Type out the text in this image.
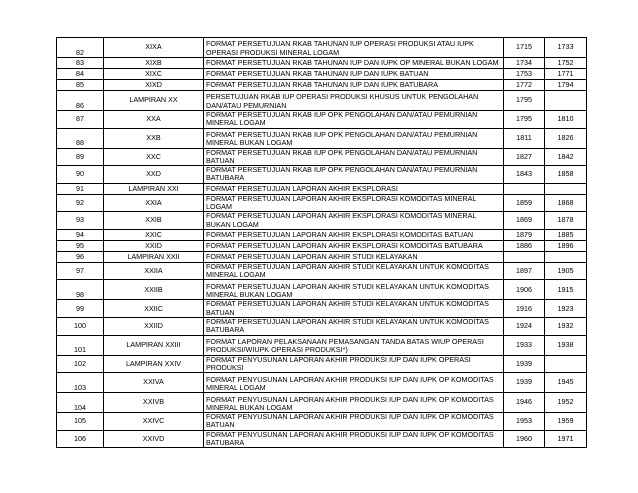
82	XIXA	FORMAT PERSETUJUAN RKAB TAHUNAN IUP OPERASI PRODUKSI ATAU IUPK OPERASI PRODUKSI MINERAL LOGAM	1715	1733
83	XIXB	FORMAT PERSETUJUAN RKAB TAHUNAN IUP DAN IUPK OP MINERAL BUKAN LOGAM	1734	1752
84	XIXC	FORMAT PERSETUJUAN RKAB TAHUNAN IUP DAN IUPK BATUAN	1753	1771
85	XIXD	FORMAT PERSETUJUAN RKAB TAHUNAN IUP DAN IUPK BATUBARA	1772	1794
86	LAMPIRAN XX	PERSETUJUAN RKAB IUP OPERASI PRODUKSI KHUSUS UNTUK PENGOLAHAN DAN/ATAU PEMURNIAN	1795	
87	XXA	FORMAT PERSETUJUAN RKAB IUP OPK PENGOLAHAN DAN/ATAU PEMURNIAN MINERAL LOGAM	1795	1810
88	XXB	FORMAT PERSETUJUAN RKAB IUP OPK PENGOLAHAN DAN/ATAU PEMURNIAN MINERAL BUKAN LOGAM	1811	1826
89	XXC	FORMAT PERSETUJUAN RKAB IUP OPK PENGOLAHAN DAN/ATAU PEMURNIAN BATUAN	1827	1842
90	XXD	FORMAT PERSETUJUAN RKAB IUP OPK PENGOLAHAN DAN/ATAU PEMURNIAN BATUBARA	1843	1858
91	LAMPIRAN XXI	FORMAT PERSETUJUAN LAPORAN AKHIR EKSPLORASI		
92	XXIA	FORMAT PERSETUJUAN LAPORAN AKHIR EKSPLORASI KOMODITAS MINERAL LOGAM	1859	1868
93	XXIB	FORMAT PERSETUJUAN LAPORAN AKHIR EKSPLORASI KOMODITAS MINERAL BUKAN LOGAM	1869	1878
94	XXIC	FORMAT PERSETUJUAN LAPORAN AKHIR EKSPLORASI KOMODITAS BATUAN	1879	1885
95	XXID	FORMAT PERSETUJUAN LAPORAN AKHIR EKSPLORASI KOMODITAS BATUBARA	1886	1896
96	LAMPIRAN XXII	FORMAT PERSETUJUAN LAPORAN AKHIR STUDI KELAYAKAN		
97	XXIIA	FORMAT PERSETUJUAN LAPORAN AKHIR STUDI KELAYAKAN UNTUK KOMODITAS MINERAL LOGAM	1897	1905
98	XXIIB	FORMAT PERSETUJUAN LAPORAN AKHIR STUDI KELAYAKAN UNTUK KOMODITAS MINERAL BUKAN LOGAM	1906	1915
99	XXIIC	FORMAT PERSETUJUAN LAPORAN AKHIR STUDI KELAYAKAN UNTUK KOMODITAS BATUAN	1916	1923
100	XXIID	FORMAT PERSETUJUAN LAPORAN AKHIR STUDI KELAYAKAN UNTUK KOMODITAS BATUBARA	1924	1932
101	LAMPIRAN XXIII	FORMAT LAPORAN PELAKSANAAN PEMASANGAN TANDA BATAS WIUP OPERASI PRODUKSI/WIUPK OPERASI PRODUKSI*)	1933	1938
102	LAMPIRAN XXIV	FORMAT PENYUSUNAN LAPORAN AKHIR PRODUKSI IUP DAN IUPK OPERASI PRODUKSI	1939	
103	XXIVA	FORMAT PENYUSUNAN LAPORAN AKHIR PRODUKSI IUP DAN IUPK OP KOMODITAS MINERAL LOGAM	1939	1945
104	XXIVB	FORMAT PENYUSUNAN LAPORAN AKHIR PRODUKSI IUP DAN IUPK OP KOMODITAS MINERAL BUKAN LOGAM	1946	1952
105	XXIVC	FORMAT PENYUSUNAN LAPORAN AKHIR PRODUKSI IUP DAN IUPK OP KOMODITAS BATUAN	1953	1959
106	XXIVD	FORMAT PENYUSUNAN LAPORAN AKHIR PRODUKSI IUP DAN IUPK OP KOMODITAS BATUBARA	1960	1971
